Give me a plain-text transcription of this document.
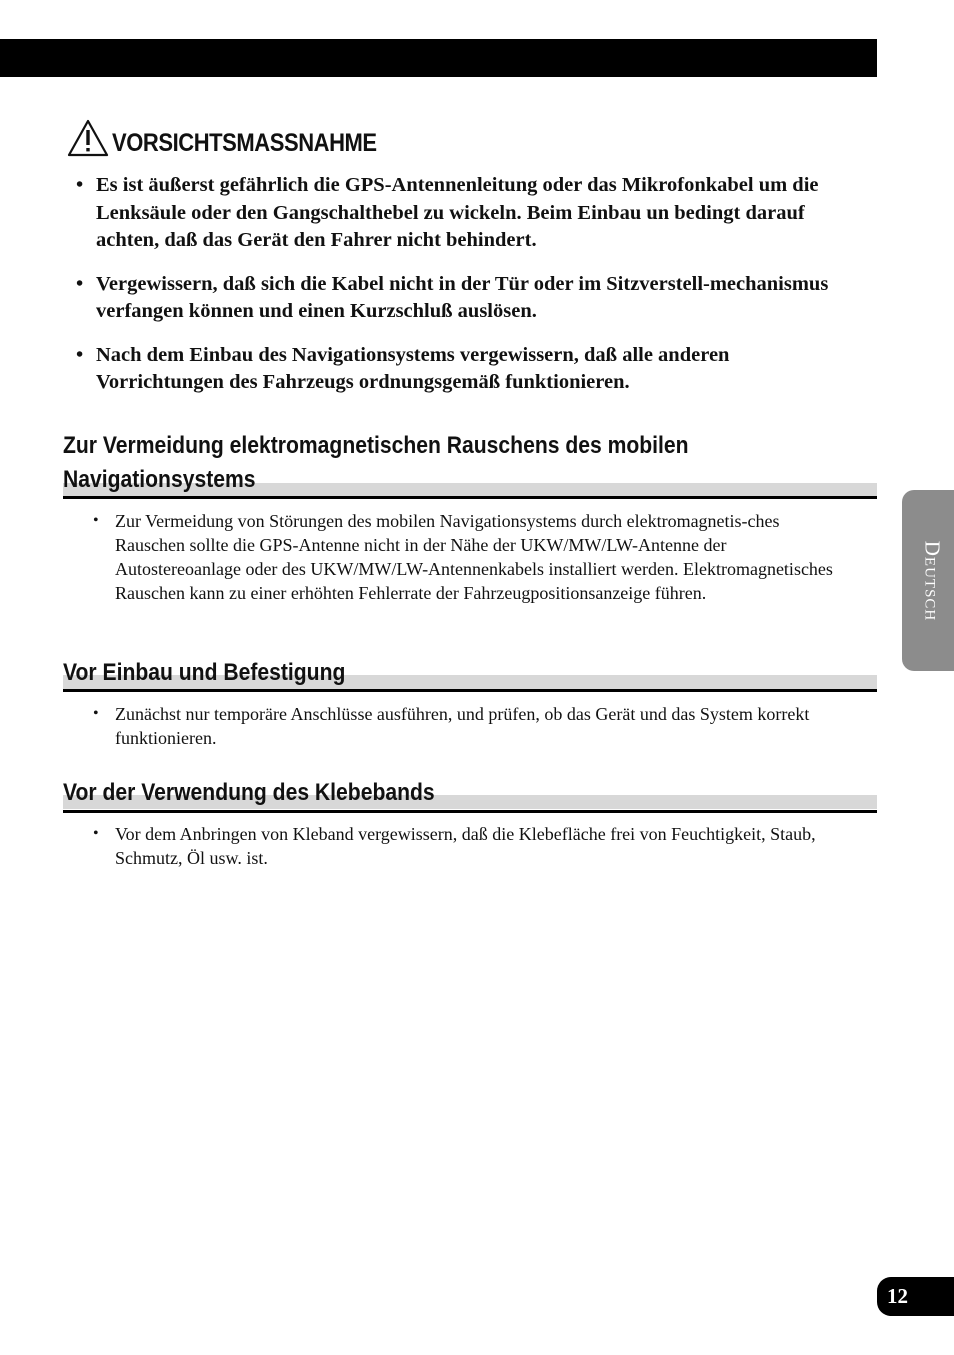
VORSICHTSMASSNAHME
• Es ist äußerst gefährlich die GPS-Antennenleitung oder das Mikrofonkabel um die Lenksäule oder den Gangschalthebel zu wickeln. Beim Einbau un bedingt darauf achten, daß das Gerät den Fahrer nicht behindert.
• Vergewissern, daß sich die Kabel nicht in der Tür oder im Sitzverstell-mechanismus verfangen können und einen Kurzschluß auslösen.
• Nach dem Einbau des Navigationsystems vergewissern, daß alle anderen Vorrichtungen des Fahrzeugs ordnungsgemäß funktionieren.
Zur Vermeidung elektromagnetischen Rauschens des mobilen
Navigationsystems
• Zur Vermeidung von Störungen des mobilen Navigationsystems durch elektromagnetis-ches Rauschen sollte die GPS-Antenne nicht in der Nähe der UKW/MW/LW-Antenne der Autostereoanlage oder des UKW/MW/LW-Antennenkabels installiert werden. Elektromagnetisches Rauschen kann zu einer erhöhten Fehlerrate der Fahrzeugpositionsanzeige führen.
Vor Einbau und Befestigung
• Zunächst nur temporäre Anschlüsse ausführen, und prüfen, ob das Gerät und das System korrekt funktionieren.
Vor der Verwendung des Klebebands
• Vor dem Anbringen von Kleband vergewissern, daß die Klebefläche frei von Feuchtigkeit, Staub, Schmutz, Öl usw. ist.
Deutsch
12
